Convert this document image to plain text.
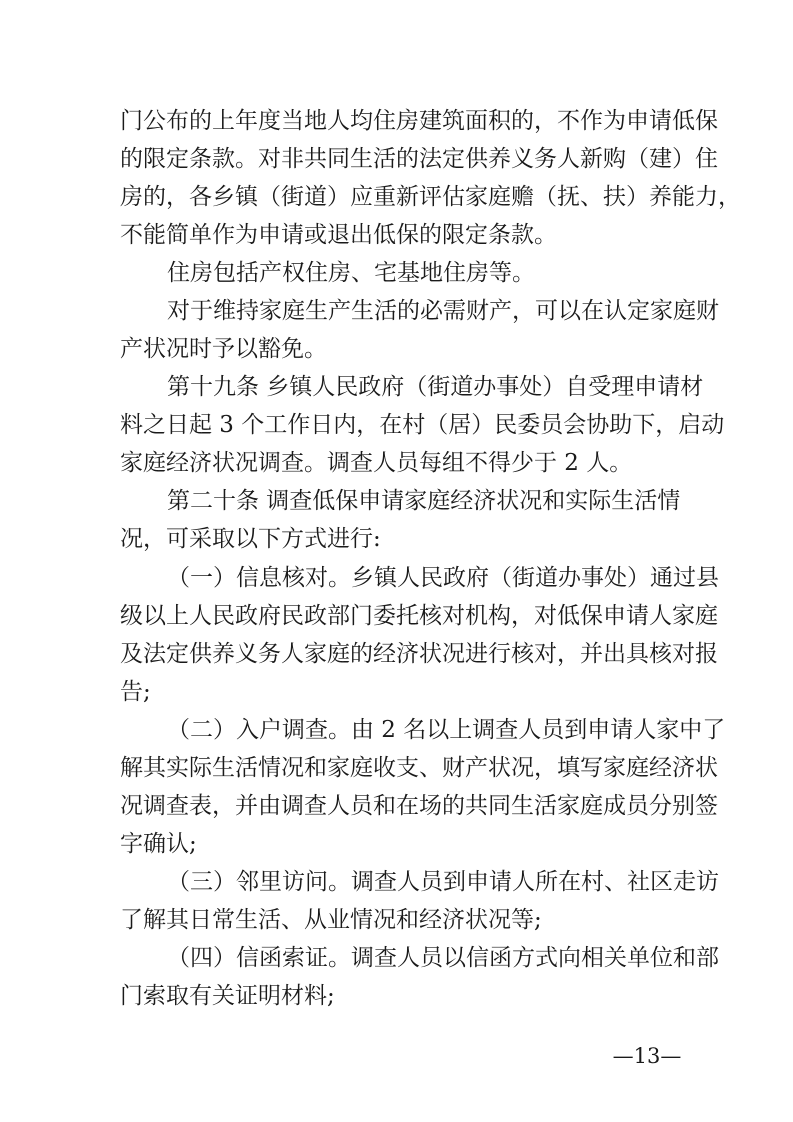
门公布的上年度当地人均住房建筑面积的，不作为申请低保
的限定条款。对非共同生活的法定供养义务人新购（建）住
房的，各乡镇（街道）应重新评估家庭赡（抚、扶）养能力，
不能简单作为申请或退出低保的限定条款。
住房包括产权住房、宅基地住房等。
对于维持家庭生产生活的必需财产，可以在认定家庭财
产状况时予以豁免。
第十九条 乡镇人民政府（街道办事处）自受理申请材
料之日起 3 个工作日内，在村（居）民委员会协助下，启动
家庭经济状况调查。调查人员每组不得少于 2 人。
第二十条 调查低保申请家庭经济状况和实际生活情
况，可采取以下方式进行:
（一）信息核对。乡镇人民政府（街道办事处）通过县
级以上人民政府民政部门委托核对机构，对低保申请人家庭
及法定供养义务人家庭的经济状况进行核对，并出具核对报
告;
（二）入户调查。由 2 名以上调查人员到申请人家中了
解其实际生活情况和家庭收支、财产状况，填写家庭经济状
况调查表，并由调查人员和在场的共同生活家庭成员分别签
字确认;
（三）邻里访问。调查人员到申请人所在村、社区走访
了解其日常生活、从业情况和经济状况等;
（四）信函索证。调查人员以信函方式向相关单位和部
门索取有关证明材料;
—13—
